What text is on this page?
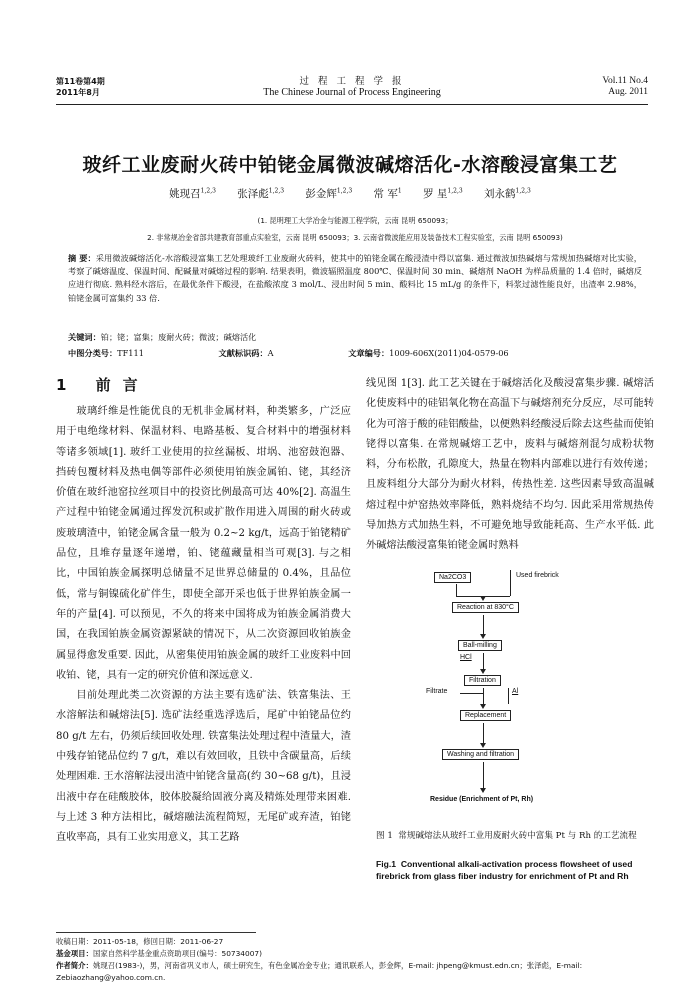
第11卷第4期
2011年8月
过 程 工 程 学 报
The Chinese Journal of Process Engineering
Vol.11 No.4
Aug. 2011
玻纤工业废耐火砖中铂铑金属微波碱熔活化-水溶酸浸富集工艺
姚现召$^{1,2,3}$ 张泽彪$^{1,2,3}$ 彭金辉$^{1,2,3}$ 常 军$^1$ 罗 星$^{1,2,3}$ 刘永鹤$^{1,2,3}$
(1. 昆明理工大学冶金与能源工程学院，云南 昆明 650093；
2. 非常规冶金省部共建教育部重点实验室，云南 昆明 650093；3. 云南省微波能应用及装备技术工程实验室，云南 昆明 650093)
摘 要：采用微波碱熔活化-水溶酸浸富集工艺处理玻纤工业废耐火砖料，使其中的铂铑金属在酸浸渣中得以富集. 通过微波加热碱熔与常规加热碱熔对比实验，考察了碱熔温度、保温时间、配碱量对碱熔过程的影响. 结果表明，微波辐照温度 800℃、保温时间 30 min、碱熔剂 NaOH 为样品质量的 1.4 倍时，碱熔反应进行彻底. 熟料经水溶后，在最优条件下酸浸，在盐酸浓度 3 mol/L、浸出时间 5 min、酸料比 15 mL/g 的条件下，料浆过滤性能良好，出渣率 2.98%，铂铑金属可富集约 33 倍.
关键词：铂；铑；富集；废耐火砖；微波；碱熔活化
中图分类号：TF111	文献标识码：A	文章编号：1009-606X(2011)04-0579-06
1 前言

玻璃纤维是性能优良的无机非金属材料，种类繁多，广泛应用于电绝缘材料、保温材料、电路基板、复合材料中的增强材料等诸多领域[1]. 玻纤工业使用的拉丝漏板、坩埚、池窑鼓泡器、挡砖包覆材料及热电偶等部件必须使用铂族金属铂、铑，其经济价值在玻纤池窑拉丝项目中的投资比例最高可达 40%[2]. 高温生产过程中铂铑金属通过挥发沉积或扩散作用进入周围的耐火砖或废玻璃渣中，铂铑金属含量一般为 0.2~2 kg/t，远高于铂铑精矿品位，且堆存量逐年递增，铂、铑蕴藏量相当可观[3]. 与之相比，中国铂族金属探明总储量不足世界总储量的 0.4%，且品位低，常与铜镍硫化矿伴生，即使全部开采也低于世界铂族金属一年的产量[4]. 可以预见，不久的将来中国将成为铂族金属消费大国，在我国铂族金属资源紧缺的情况下，从二次资源回收铂族金属显得愈发重要. 因此，从密集使用铂族金属的玻纤工业废料中回收铂、铑，具有一定的研究价值和深远意义.

目前处理此类二次资源的方法主要有选矿法、铁富集法、王水溶解法和碱熔法[5]. 选矿法经重选浮选后，尾矿中铂铑品位约 80 g/t 左右，仍须后续回收处理. 铁富集法处理过程中渣量大，渣中残存铂铑品位约 7 g/t，难以有效回收，且铁中含碳量高，后续处理困难. 王水溶解法浸出渣中铂铑含量高(约 30~68 g/t)，且浸出液中存在硅酸胶体，胶体胶凝给固液分离及精炼处理带来困难. 与上述 3 种方法相比，碱熔融法流程简短，无尾矿或弃渣，铂铑直收率高，具有工业实用意义，其工艺路

线见图 1[3]. 此工艺关键在于碱熔活化及酸浸富集步骤. 碱熔活化使废料中的硅铝氧化物在高温下与碱熔剂充分反应，尽可能转化为可溶于酸的硅铝酸盐，以便熟料经酸浸后除去这些盐而使铂铑得以富集. 在常规碱熔工艺中，废料与碱熔剂混匀成粉状物料，分布松散，孔隙度大，热量在物料内部难以进行有效传递；且废料组分大部分为耐火材料，传热性差. 这些因素导致高温碱熔过程中炉窑热效率降低，熟料烧结不均匀. 因此采用常规热传导加热方式加热生料，不可避免地导致能耗高、生产水平低. 此外碱熔法酸浸富集铂铑金属时熟料

Na2CO3	Used firebrick
Reaction at 830°C
Ball-milling
HCl
Filtration
Filtrate	Al
Replacement
Washing and filtration
Residue (Enrichment of Pt, Rh)
图 1 常规碱熔法从玻纤工业用废耐火砖中富集 Pt 与 Rh 的工艺流程
Fig.1 Conventional alkali-activation process flowsheet of used firebrick from glass fiber industry for enrichment of Pt and Rh
收稿日期：2011-05-18，修回日期：2011-06-27
基金项目：国家自然科学基金重点资助项目(编号：50734007)
作者简介：姚现召(1983-)，男，河南省巩义市人，硕士研究生，有色金属冶金专业；通讯联系人，彭金辉，E-mail: jhpeng@kmust.edn.cn；张泽彪，E-mail: Zebiaozhang@yahoo.com.cn.
